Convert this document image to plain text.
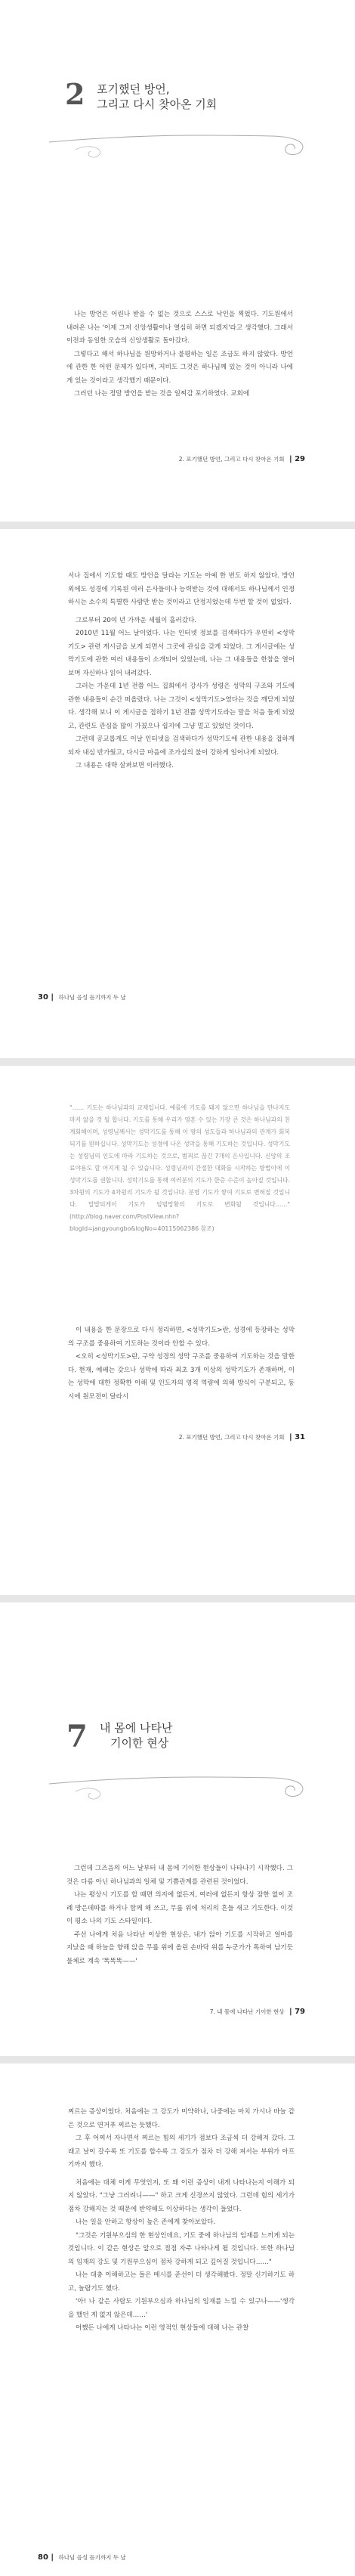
2 포기했던 방언,
그리고 다시 찾아온 기회

나는 방언은 어린나 받을 수 없는 것으로 스스로 낙인을 찍었다. 기도원에서 내려온 나는 '이제 그저 신앙생활이나 열심히 하면 되겠지'라고 생각했다. 그래서 이전과 동일한 모습의 신앙생활로 돌아갔다.

그렇다고 해서 하나님을 원망하거나 불평하는 일은 조금도 하지 않았다. 방언에 관한 한 어떤 문제가 있다며, 저비도 그것은 하나님께 있는 것이 아니라 나에게 있는 것이라고 생각했기 때문이다.

그러던 나는 정말 방언을 받는 것을 일찌감 포기하였다. 교회에

2. 포기했던 방언, 그리고 다시 찾아온 기회 | 29

서나 집에서 기도할 때도 방언을 달라는 기도는 아예 한 번도 하지 않았다. 방언 외에도 성경에 기록된 여러 은사들이나 능력받는 것에 대해서도 하나님께서 인정하시는 소수의 특별한 사람만 받는 것이라고 단정지었는데 두번 할 것이 없었다.

그로부터 20여 년 가까운 세월이 흘러갔다.

2010년 11월 어느 날이었다. 나는 인터넷 정보를 검색하다가 우연히 <성막기도> 관련 게시글을 보게 되면서 그곳에 관심을 갖게 되었다. 그 게시글에는 성막기도에 관한 여러 내용들이 소개되어 있었는데, 나는 그 내용들을 한참을 열어보며 자신하나 읽어 내려갔다.

그러는 가운데 1년 전쯤 어느 집회에서 강사가 성령은 성막의 구조와 기도에 관한 내용들이 순간 떠올랐다. 나는 그것이 <성막기도>였다는 것을 깨닫게 되었다. 생각해 보니 이 게시글을 접하기 1년 전쯤 성막기도라는 말을 처음 들게 되었고, 관련도 관심을 많이 가졌으나 쉽지에 그냥 멀고 있었던 것이다.

그런데 공교롭게도 이날 인터넷을 검색하다가 성막기도에 관한 내용을 접하게 되자 내심 반가웠고, 다시금 마음에 조가심의 불이 강하게 일어나게 되었다.

그 내용은 대략 살펴보면 이러했다.

30 | 하나님 음성 듣기까지 두 날
"…… 기도는 하나님과의 교제입니다. 예를에 기도를 돼지 않으면 하나님을 만나지도 마지 않을 것 될 합니다. 기도를 통해 우리가 영혼 수 있는 가장 큰 것은 하나님과의 친계회해이며, 성령님께서는 성막기도를 통해 이 땅의 성도들과 하나님과의 관계가 회복되기를 원하십니다. 성막기도는 성경에 나온 성막을 통해 기도하는 것입니다. 성막기도는 성령님의 인도에 따라 기도하는 것으로, 범죄로 끊긴 7개의 은사입니다. 신앙의 조료야용도 할 어지게 될 수 있습니다. 성령님과의 간절한 대화를 시작하는 방법이에 이 성막기도를 권합니다. 성막기도를 통해 여러분의 기도가 한층 수준이 높아질 것입니다. 3차원의 기도가 4차원의 기도가 될 것입니다. 분명 기도가 쌓여 기도로 변혀질 것입니다. 말발되게이 기도가 임범망황의 기도로 변화될 것입니다……"(http://blog.naver.com/PostView.nhn?blogId=jangyoungbo&logNo=40115062386 참조)

이 내용을 한 문장으로 다시 정리하면, <성막기도>란, 성경에 등장하는 성막의 구조를 중용하여 기도하는 것이라 안할 수 있다.

<오히 <성막기도>란, 구약 성경의 성막 구조를 중용하여 기도하는 것을 말한다. 현재, 예배는 갖으나 성막에 따라 최초 3개 이상의 성막기도가 존재하며, 이는 성막에 대한 정확한 이해 및 인도자의 영적 역량에 의해 방식이 구분되고, 동시에 원모전이 달라시

2. 포기했던 방언, 그리고 다시 찾아온 기회 | 31
7 내 몸에 나타난
기이한 현상

그런데 그즈음의 어느 날부터 내 몸에 기이한 현상들이 나타나기 시작했다. 그것은 다름 아닌 하나님과의 일체 및 기쁨관계를 관련된 것이었다.

나는 평상시 기도를 할 때면 의지에 없든지, 여러에 없든지 항상 잠한 없이 조례 방은데따를 하거나 함께 해 쓰고, 무릎 위에 처리의 흔들 새고 기도한다. 이것이 평소 나의 기도 스타일이다.

주선 나에게 처음 나타난 이상한 현상은, 내가 앉아 기도를 시작하고 얼마를 지났을 때 하늘을 향해 앉을 무릎 위에 올린 손바닥 위를 누군가가 톡하여 남기듯 물체로 계속 '똑똑똑——'

7. 내 몸에 나타난 기이한 현상 | 79

찌르는 증상이었다. 처음에는 그 강도가 미약하나, 나중에는 마치 가시나 바늘 같은 것으로 연거푸 찌르는 듯했다.

그 후 어찌서 자나면서 찌르는 힘의 세기가 점보다 조금씩 더 강해져 갔다. 그래고 날이 갈수록 또 기도를 할수록 그 강도가 점차 더 강해 져서는 부위가 아프기까지 했다.

처음에는 대체 이게 무엇인지, 또 왜 이런 증상이 내게 나타나는지 이해가 되지 않았다. "그냥 그러려니——" 하고 크게 신경쓰지 않았다. 그런데 힘의 세기가 점차 강해지는 것 때문에 반약해도 이상하다는 생각이 들었다.

나는 일을 안하고 항상이 높은 존에게 찾아보았다.

"그것은 기원부으심의 한 현상인데요, 기도 중에 하나님의 임재를 느끼게 되는 것입니다. 이 같은 현상은 앞으로 점점 자주 나타나게 될 것입니다. 또한 하나님의 임재의 강도 및 기원부으심이 점차 강하게 되고 깊어질 것입니다……"

나는 대충 이해하고는 들은 메시를 준선이 더 생각해봤다. 정말 신기하기도 하고, 놀랍기도 했다.

'아! 나 같은 사람도 기원부으심과 하나님의 임재를 느낄 수 있구나——'생각을 했던 게 없지 않은데……'

어쨌든 나에게 나타나는 이런 영적인 현상들에 대해 나는 관찰

80 | 하나님 음성 듣기까지 두 날
